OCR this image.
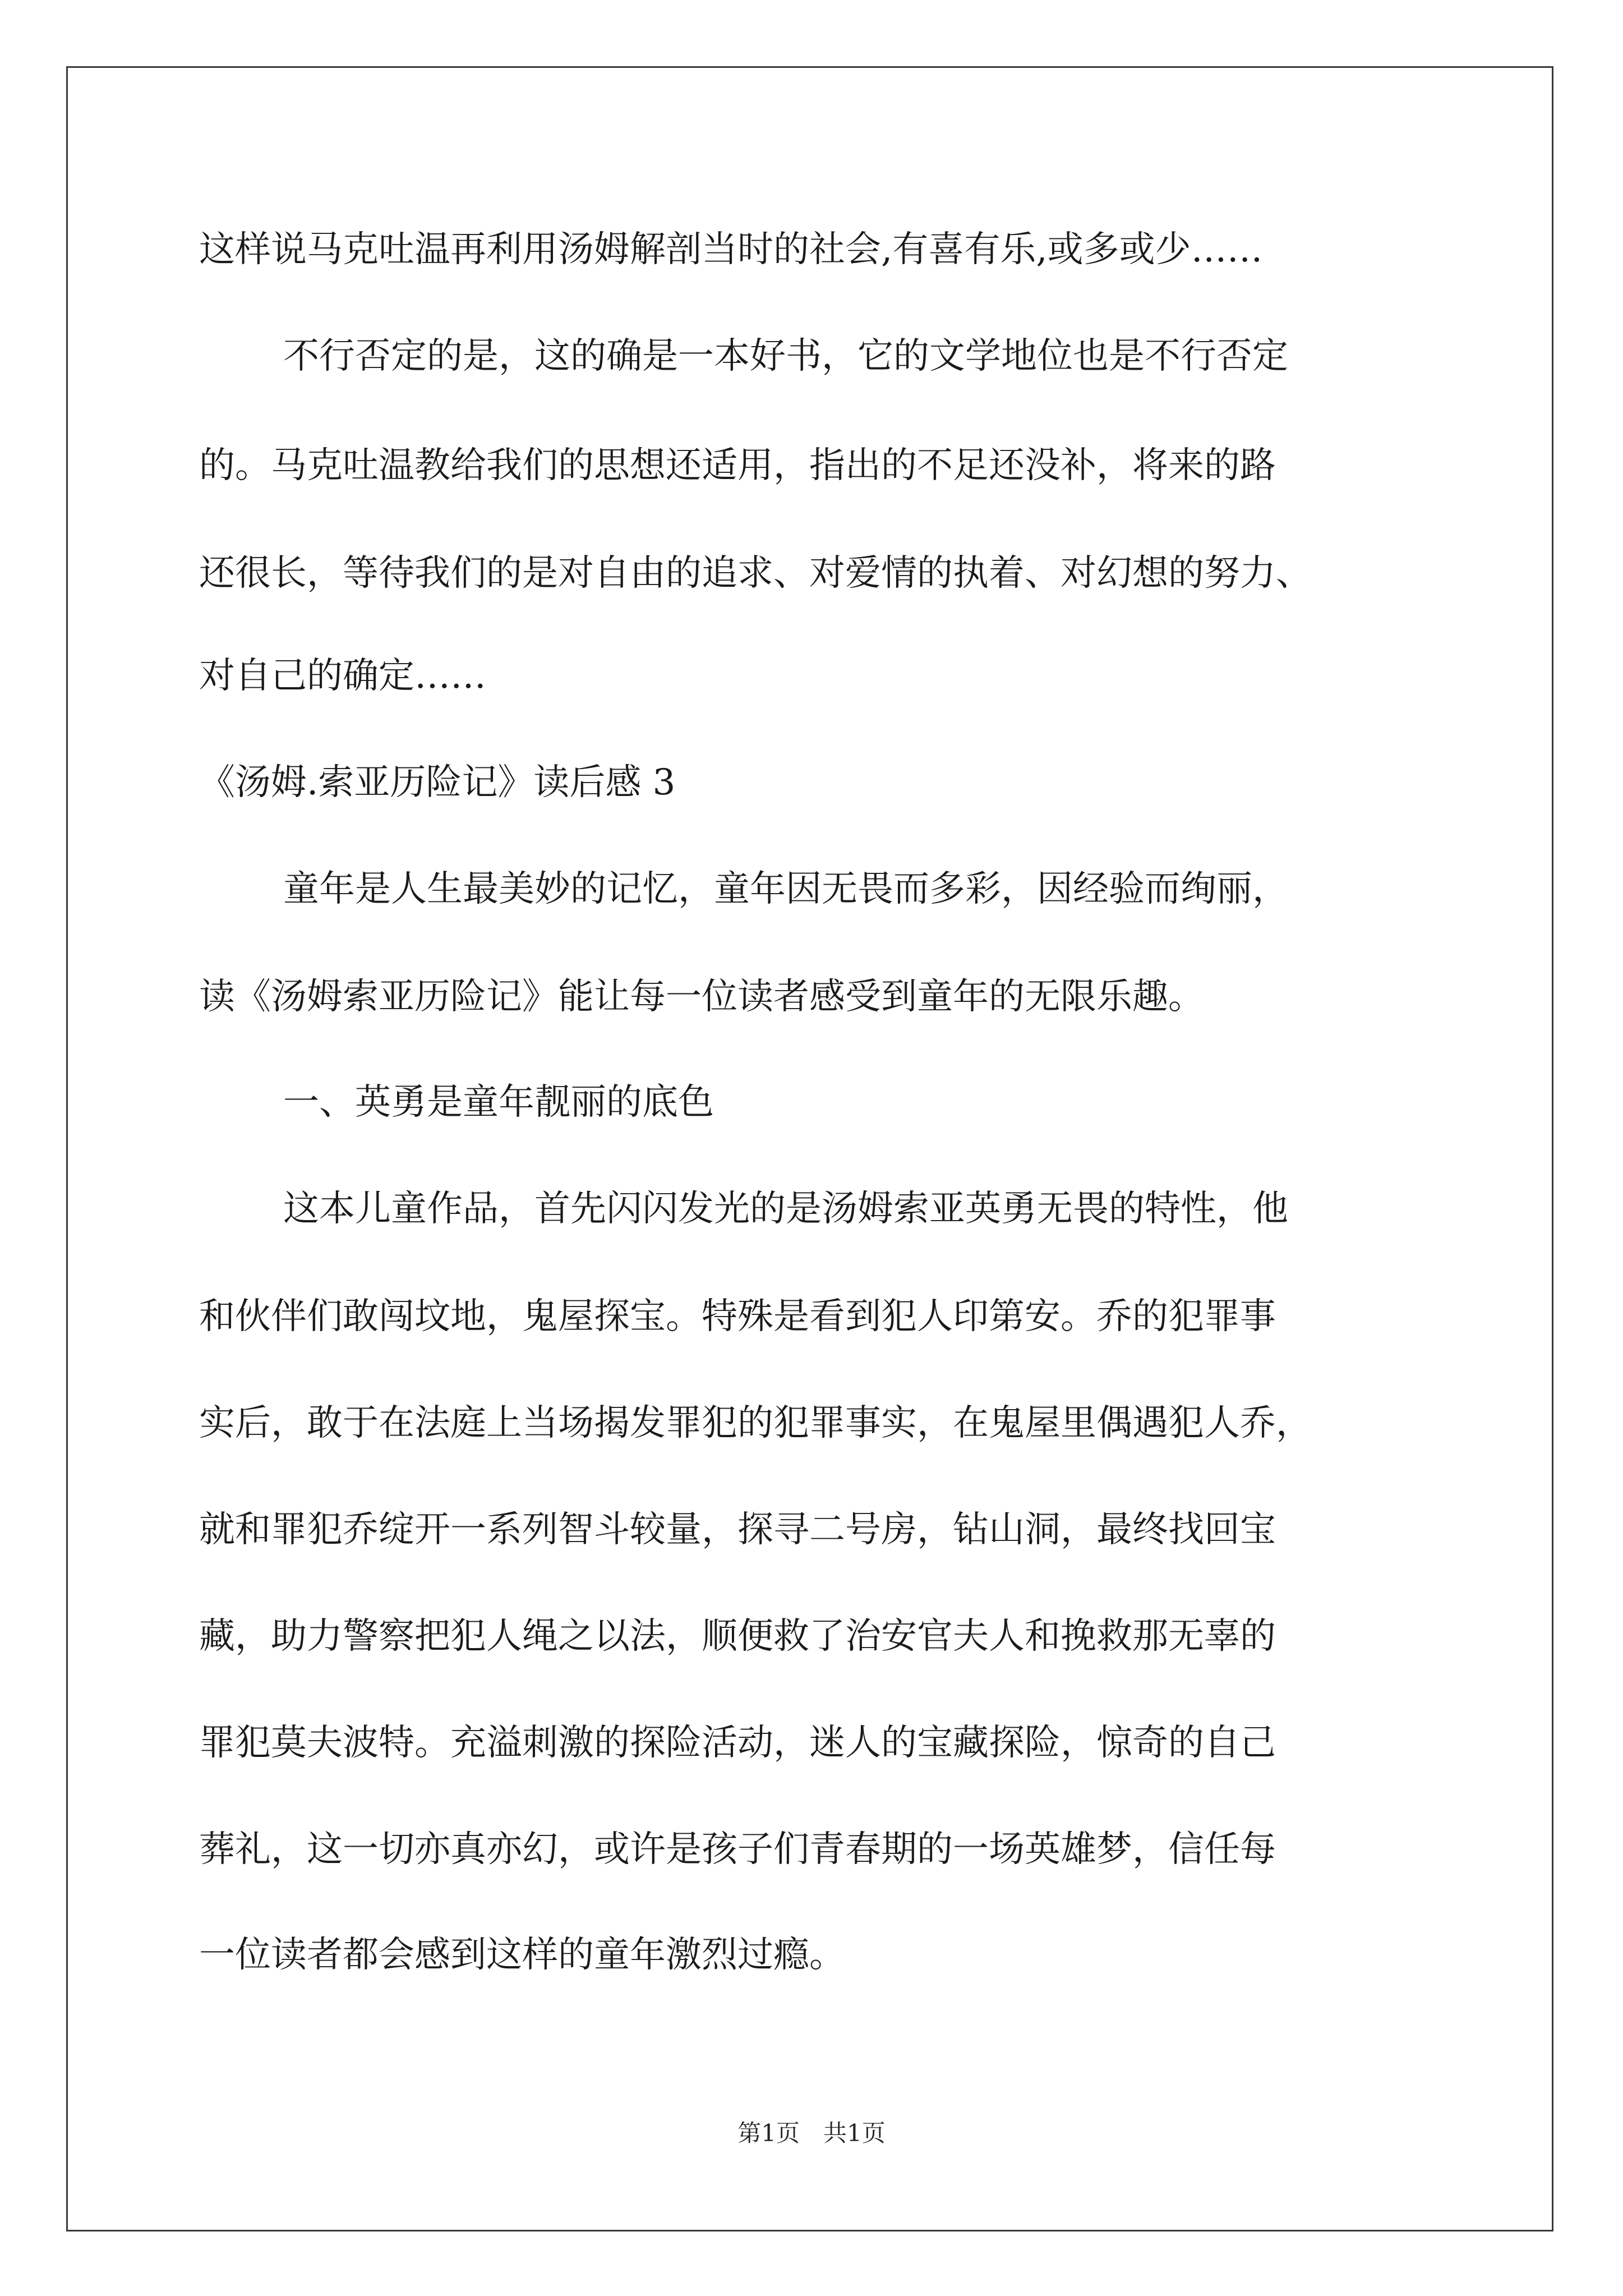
这样说马克吐温再利用汤姆解剖当时的社会,有喜有乐,或多或少……
不行否定的是，这的确是一本好书，它的文学地位也是不行否定
的。马克吐温教给我们的思想还适用，指出的不足还没补，将来的路
还很长，等待我们的是对自由的追求、对爱情的执着、对幻想的努力、
对自己的确定……
《汤姆.索亚历险记》读后感 3
童年是人生最美妙的记忆，童年因无畏而多彩，因经验而绚丽，
读《汤姆索亚历险记》能让每一位读者感受到童年的无限乐趣。
一、英勇是童年靓丽的底色
这本儿童作品，首先闪闪发光的是汤姆索亚英勇无畏的特性，他
和伙伴们敢闯坟地，鬼屋探宝。特殊是看到犯人印第安。乔的犯罪事
实后，敢于在法庭上当场揭发罪犯的犯罪事实，在鬼屋里偶遇犯人乔，
就和罪犯乔绽开一系列智斗较量，探寻二号房，钻山洞，最终找回宝
藏，助力警察把犯人绳之以法，顺便救了治安官夫人和挽救那无辜的
罪犯莫夫波特。充溢刺激的探险活动，迷人的宝藏探险，惊奇的自己
葬礼，这一切亦真亦幻，或许是孩子们青春期的一场英雄梦，信任每
一位读者都会感到这样的童年激烈过瘾。
第1页　共1页
